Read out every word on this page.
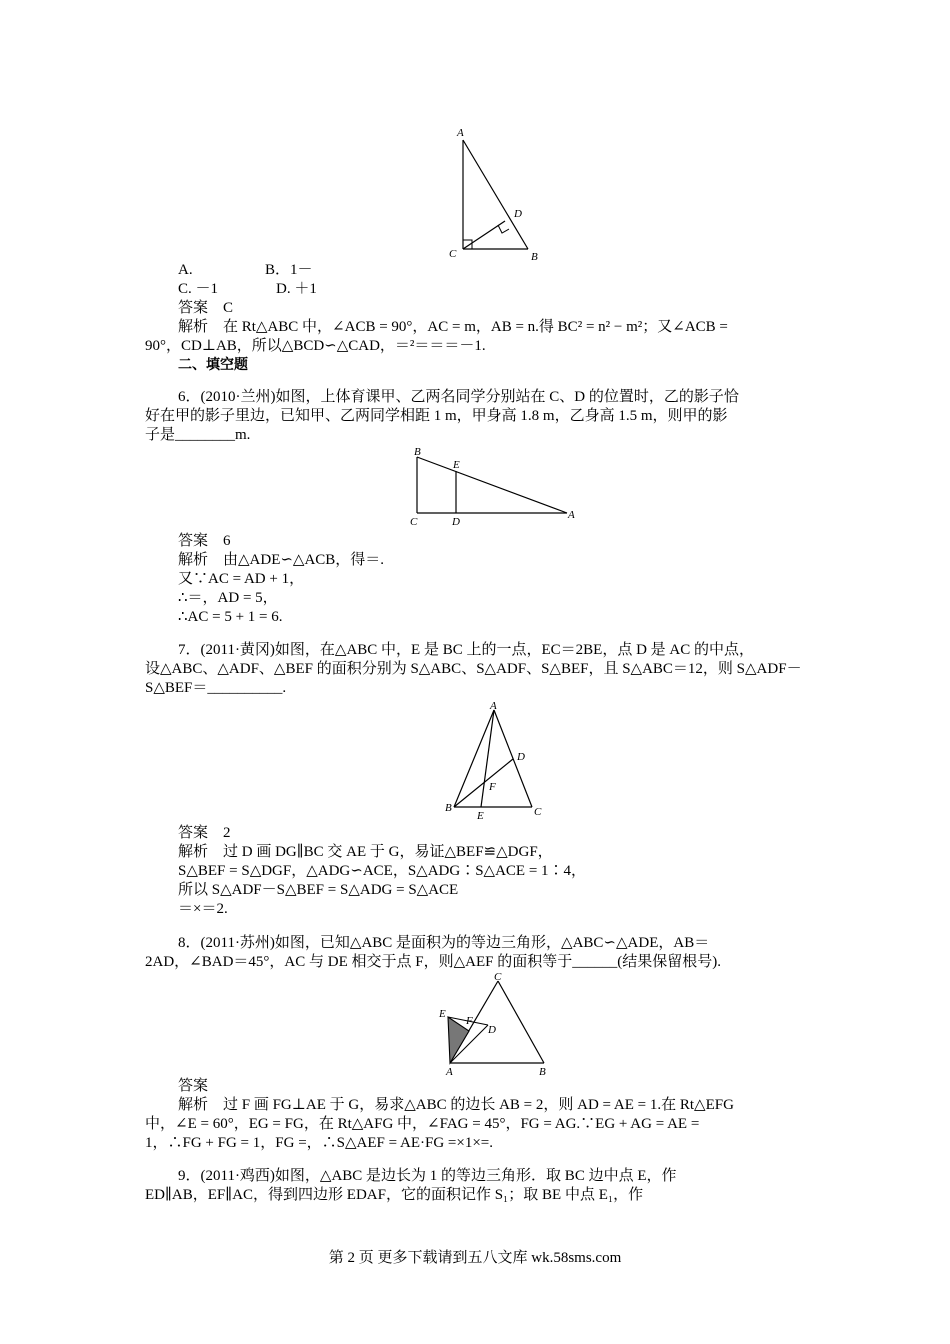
A
B
C
D
A.	B．1－
C. －1	D. ＋1
答案　C
解析　在 Rt△ABC 中，∠ACB = 90°，AC = m，AB = n.得 BC² = n² − m²；又∠ACB =
90°，CD⊥AB，所以△BCD∽△CAD，＝²＝＝＝－1.
二、填空题
6．(2010·兰州)如图，上体育课甲、乙两名同学分别站在 C、D 的位置时，乙的影子恰
好在甲的影子里边，已知甲、乙两同学相距 1 m，甲身高 1.8 m，乙身高 1.5 m，则甲的影
子是________m.
B
E
C	D
A
答案　6
解析　由△ADE∽△ACB，得＝.
又∵AC = AD + 1，
∴＝，AD = 5，
∴AC = 5 + 1 = 6.
7．(2011·黄冈)如图，在△ABC 中，E 是 BC 上的一点，EC＝2BE，点 D 是 AC 的中点，
设△ABC、△ADF、△BEF 的面积分别为 S△ABC、S△ADF、S△BEF，且 S△ABC＝12，则 S△ADF－
S△BEF＝__________.
A
D
F
B
E	C
答案　2
解析　过 D 画 DG∥BC 交 AE 于 G，易证△BEF≌△DGF，
S△BEF = S△DGF，△ADG∽ACE，S△ADG∶S△ACE = 1∶4，
所以 S△ADF－S△BEF = S△ADG = S△ACE
＝×＝2.
8．(2011·苏州)如图，已知△ABC 是面积为的等边三角形，△ABC∽△ADE，AB＝
2AD，∠BAD＝45°，AC 与 DE 相交于点 F，则△AEF 的面积等于______(结果保留根号).
C
E
F
D
A	B
答案
解析　过 F 画 FG⊥AE 于 G，易求△ABC 的边长 AB = 2，则 AD = AE = 1.在 Rt△EFG
中，∠E = 60°，EG = FG，在 Rt△AFG 中，∠FAG = 45°，FG = AG.∵EG + AG = AE =
1，∴FG + FG = 1，FG =，∴S△AEF = AE·FG =×1×=.
9．(2011·鸡西)如图，△ABC 是边长为 1 的等边三角形．取 BC 边中点 E，作
ED∥AB，EF∥AC，得到四边形 EDAF，它的面积记作 S₁；取 BE 中点 E₁，作
第 2 页 更多下载请到五八文库 wk.58sms.com
